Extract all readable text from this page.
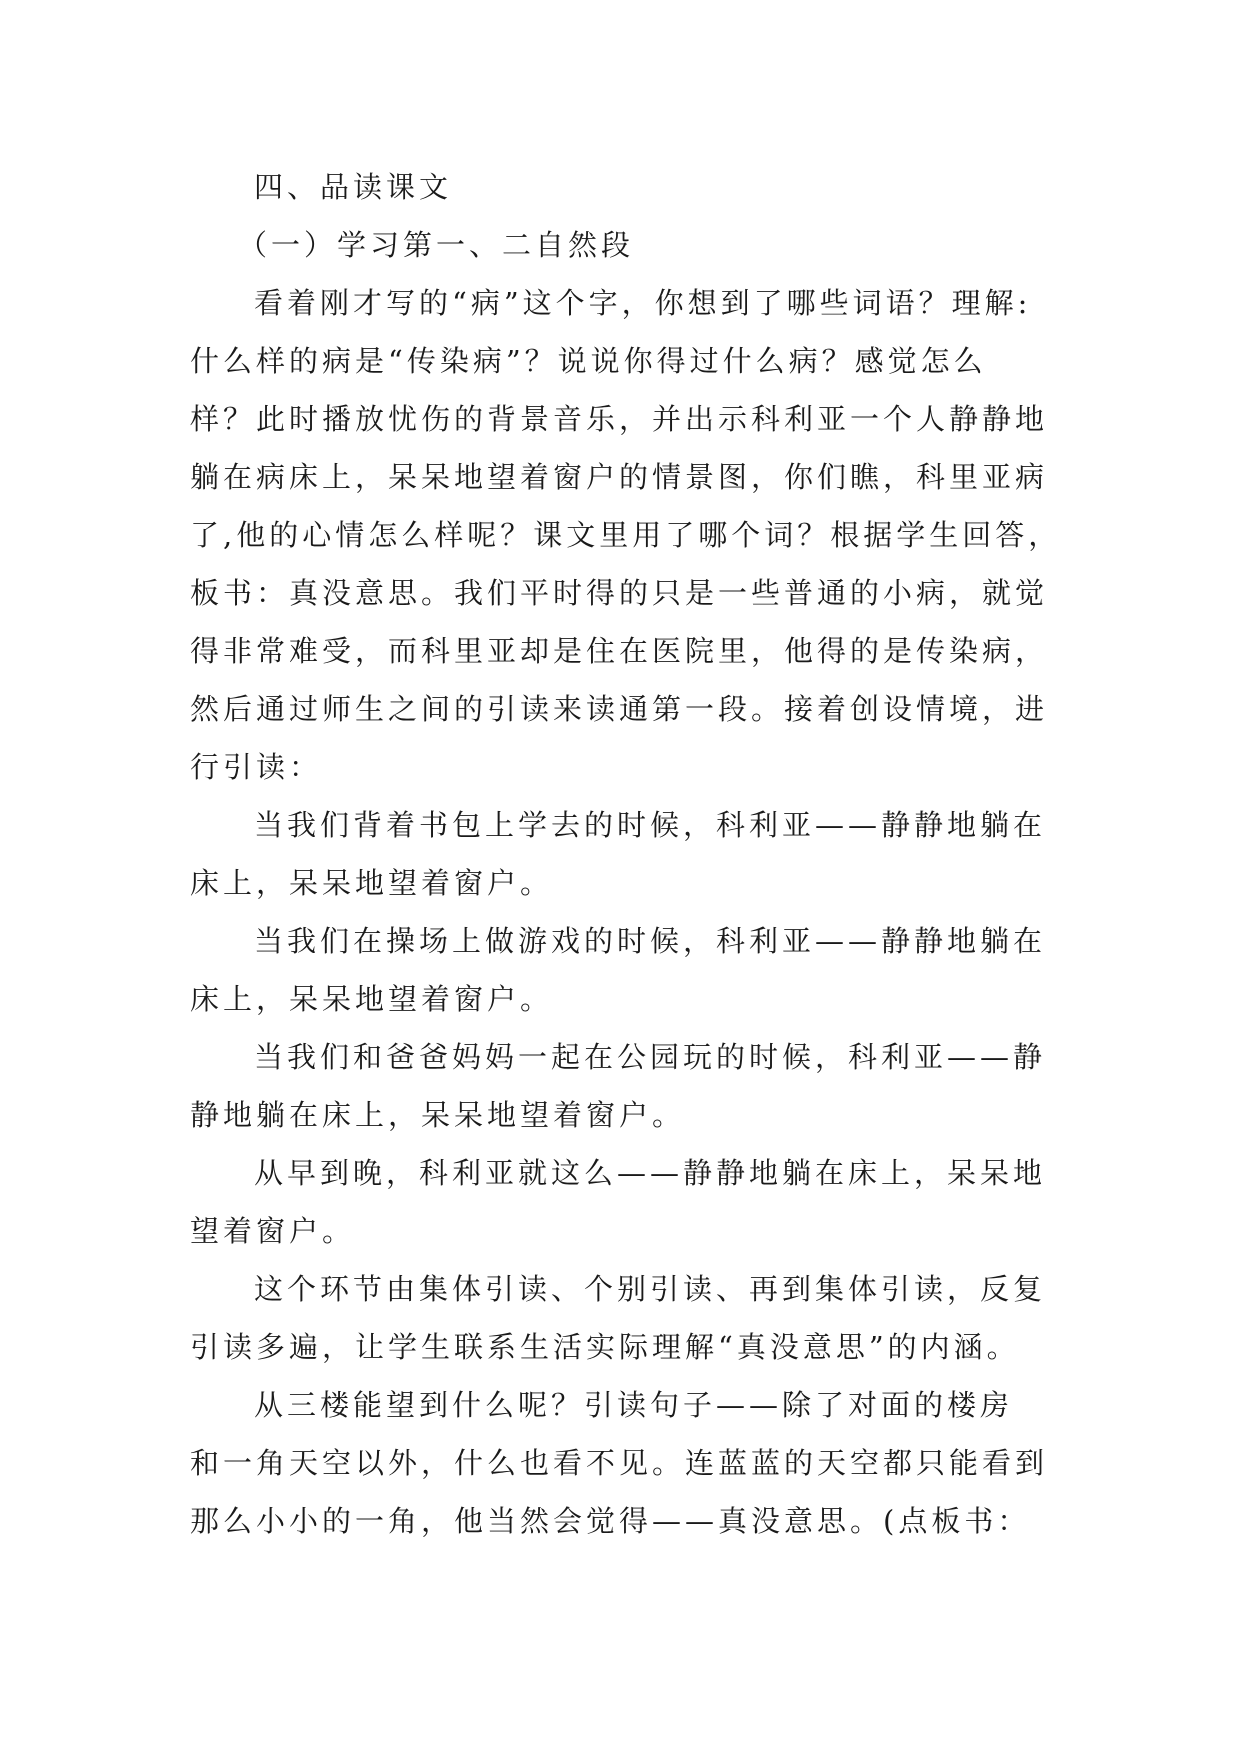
四、品读课文
（一）学习第一、二自然段
看着刚才写的“病”这个字，你想到了哪些词语？理解:
什么样的病是“传染病”？说说你得过什么病？感觉怎么
样？此时播放忧伤的背景音乐，并出示科利亚一个人静静地
躺在病床上，呆呆地望着窗户的情景图，你们瞧，科里亚病
了,他的心情怎么样呢？课文里用了哪个词？根据学生回答，
板书：真没意思。我们平时得的只是一些普通的小病，就觉
得非常难受，而科里亚却是住在医院里，他得的是传染病，
然后通过师生之间的引读来读通第一段。接着创设情境，进
行引读：
当我们背着书包上学去的时候，科利亚——静静地躺在
床上，呆呆地望着窗户。
当我们在操场上做游戏的时候，科利亚——静静地躺在
床上，呆呆地望着窗户。
当我们和爸爸妈妈一起在公园玩的时候，科利亚——静
静地躺在床上，呆呆地望着窗户。
从早到晚，科利亚就这么——静静地躺在床上，呆呆地
望着窗户。
这个环节由集体引读、个别引读、再到集体引读，反复
引读多遍，让学生联系生活实际理解“真没意思”的内涵。
从三楼能望到什么呢？引读句子——除了对面的楼房
和一角天空以外，什么也看不见。连蓝蓝的天空都只能看到
那么小小的一角，他当然会觉得——真没意思。(点板书：
